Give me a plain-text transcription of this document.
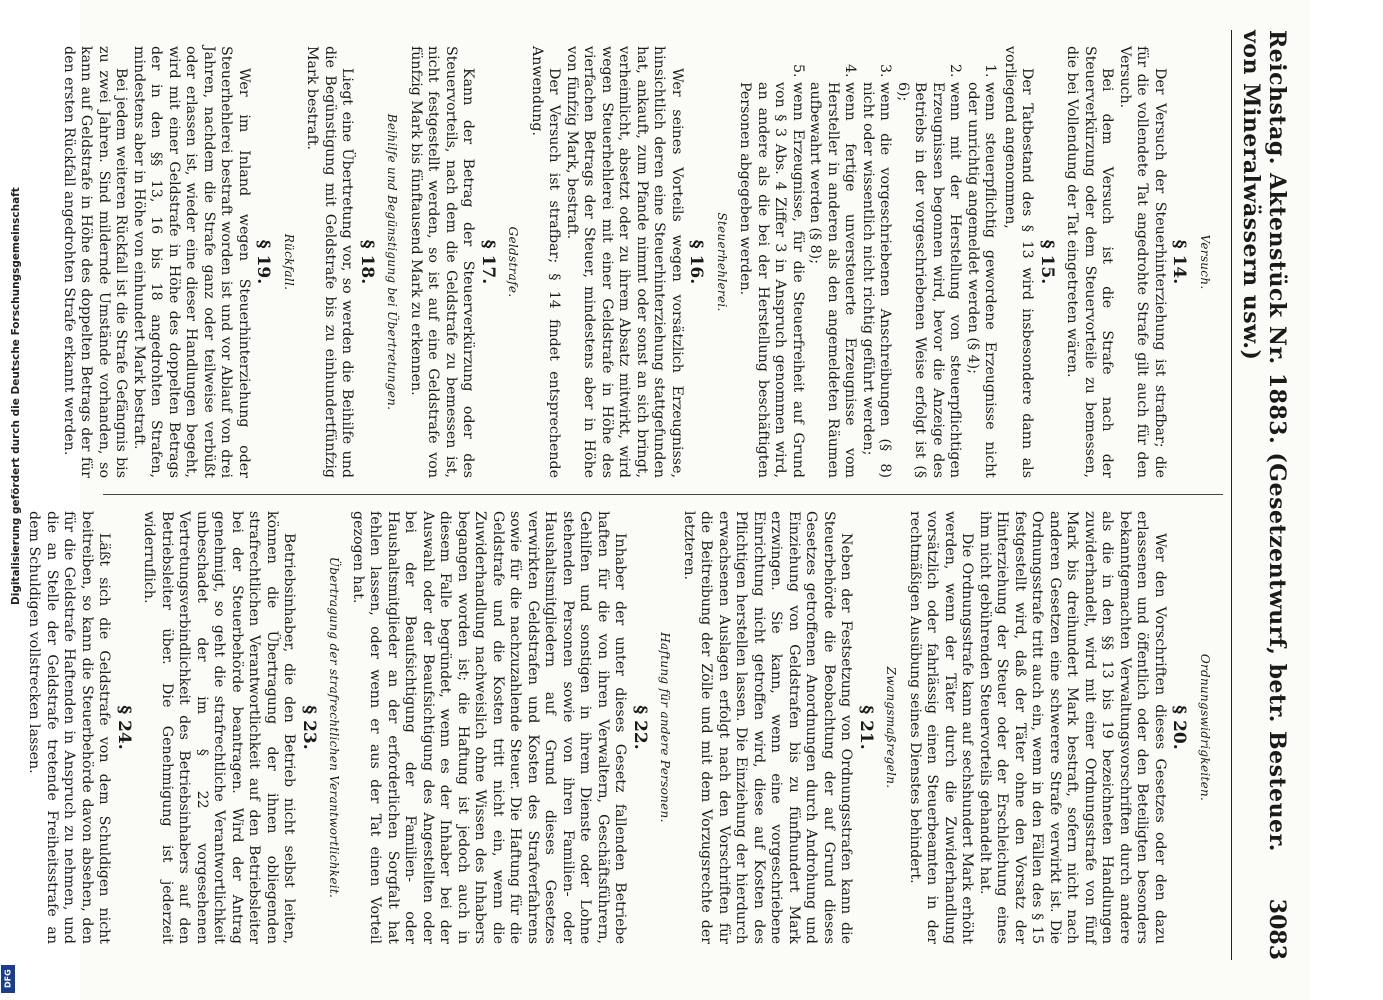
Reichstag. Aktenstück Nr. 1883. (Gesetzentwurf, betr. Besteuer. von Mineralwässern usw.)
3083
Versuch.
§ 14.

Der Versuch der Steuerhinterziehung ist strafbar; die für die vollendete Tat angedrohte Strafe gilt auch für den Versuch.

Bei dem Versuch ist die Strafe nach der Steuerverkürzung oder dem Steuervorteile zu bemessen, die bei Vollendung der Tat eingetreten wären.

§ 15.

Der Tatbestand des § 13 wird insbesondere dann als vorliegend angenommen,

1. wenn steuerpflichtig gewordene Erzeugnisse nicht oder unrichtig angemeldet werden (§ 4);
2. wenn mit der Herstellung von steuerpflichtigen Erzeugnissen begonnen wird, bevor die Anzeige des Betriebs in der vorgeschriebenen Weise erfolgt ist (§ 6);
3. wenn die vorgeschriebenen Anschreibungen (§ 8) nicht oder wissentlich nicht richtig geführt werden;
4. wenn fertige unversteuerte Erzeugnisse vom Hersteller in anderen als den angemeldeten Räumen aufbewahrt werden (§ 8);
5. wenn Erzeugnisse, für die Steuerfreiheit auf Grund von § 3 Abs. 4 Ziffer 3 in Anspruch genommen wird, an andere als die bei der Herstellung beschäftigten Personen abgegeben werden.
Steuerhehlerei.
§ 16.

Wer seines Vorteils wegen vorsätzlich Erzeugnisse, hinsichtlich deren eine Steuerhinterziehung stattgefunden hat, ankauft, zum Pfande nimmt oder sonst an sich bringt, verheimlicht, absetzt oder zu ihrem Absatz mitwirkt, wird wegen Steuerhehlerei mit einer Geldstrafe in Höhe des vierfachen Betrags der Steuer, mindestens aber in Höhe von fünfzig Mark, bestraft.

Der Versuch ist strafbar; § 14 findet entsprechende Anwendung.

Geldstrafe.
§ 17.

Kann der Betrag der Steuerverkürzung oder des Steuervorteils, nach dem die Geldstrafe zu bemessen ist, nicht festgestellt werden, so ist auf eine Geldstrafe von fünfzig Mark bis fünftausend Mark zu erkennen.

Beihilfe und Begünstigung bei Übertretungen.
§ 18.

Liegt eine Übertretung vor, so werden die Beihilfe und die Begünstigung mit Geldstrafe bis zu einhundertfünfzig Mark bestraft.

Rückfall.
§ 19.

Wer im Inland wegen Steuerhinterziehung oder Steuerhehlerei bestraft worden ist und vor Ablauf von drei Jahren, nachdem die Strafe ganz oder teilweise verbüßt oder erlassen ist, wieder eine dieser Handlungen begeht, wird mit einer Geldstrafe in Höhe des doppelten Betrags der in den §§ 13, 16 bis 18 angedrohten Strafen, mindestens aber in Höhe von einhundert Mark bestraft.

Bei jedem weiteren Rückfall ist die Strafe Gefängnis bis zu zwei Jahren. Sind mildernde Umstände vorhanden, so kann auf Geldstrafe in Höhe des doppelten Betrags der für den ersten Rückfall angedrohten Strafe erkannt werden.

Ordnungswidrigkeiten.
§ 20.

Wer den Vorschriften dieses Gesetzes oder den dazu erlassenen und öffentlich oder den Beteiligten besonders bekanntgemachten Verwaltungsvorschriften durch andere als die in den §§ 13 bis 19 bezeichneten Handlungen zuwiderhandelt, wird mit einer Ordnungsstrafe von fünf Mark bis dreihundert Mark bestraft, sofern nicht nach anderen Gesetzen eine schwerere Strafe verwirkt ist. Die Ordnungsstrafe tritt auch ein, wenn in den Fällen des § 15 festgestellt wird, daß der Täter ohne den Vorsatz der Hinterziehung der Steuer oder der Erschleichung eines ihm nicht gebührenden Steuervorteils gehandelt hat.

Die Ordnungsstrafe kann auf sechshundert Mark erhöht werden, wenn der Täter durch die Zuwiderhandlung vorsätzlich oder fahrlässig einen Steuerbeamten in der rechtmäßigen Ausübung seines Dienstes behindert.

Zwangsmaßregeln.
§ 21.

Neben der Festsetzung von Ordnungsstrafen kann die Steuerbehörde die Beobachtung der auf Grund dieses Gesetzes getroffenen Anordnungen durch Androhung und Einziehung von Geldstrafen bis zu fünfhundert Mark erzwingen. Sie kann, wenn eine vorgeschriebene Einrichtung nicht getroffen wird, diese auf Kosten des Pflichtigen herstellen lassen. Die Einziehung der hierdurch erwachsenen Auslagen erfolgt nach den Vorschriften für die Beitreibung der Zölle und mit dem Vorzugsrechte der letzteren.

Haftung für andere Personen.
§ 22.

Inhaber der unter dieses Gesetz fallenden Betriebe haften für die von ihren Verwaltern, Geschäftsführern, Gehilfen und sonstigen in ihrem Dienste oder Lohne stehenden Personen sowie von ihren Familien- oder Haushaltsmitgliedern auf Grund dieses Gesetzes verwirkten Geldstrafen und Kosten des Strafverfahrens sowie für die nachzuzahlende Steuer. Die Haftung für die Geldstrafe und die Kosten tritt nicht ein, wenn die Zuwiderhandlung nachweislich ohne Wissen des Inhabers begangen worden ist; die Haftung ist jedoch auch in diesem Falle begründet, wenn es der Inhaber bei der Auswahl oder der Beaufsichtigung des Angestellten oder bei der Beaufsichtigung der Familien- oder Haushaltsmitglieder an der erforderlichen Sorgfalt hat fehlen lassen, oder wenn er aus der Tat einen Vorteil gezogen hat.

Übertragung der strafrechtlichen Verantwortlichkeit.
§ 23.

Betriebsinhaber, die den Betrieb nicht selbst leiten, können die Übertragung der ihnen obliegenden strafrechtlichen Verantwortlichkeit auf den Betriebsleiter bei der Steuerbehörde beantragen. Wird der Antrag genehmigt, so geht die strafrechtliche Verantwortlichkeit unbeschadet der im § 22 vorgesehenen Vertretungsverbindlichkeit des Betriebsinhabers auf den Betriebsleiter über. Die Genehmigung ist jederzeit widerruflich.

§ 24.

Läßt sich die Geldstrafe von dem Schuldigen nicht beitreiben, so kann die Steuerbehörde davon absehen, den für die Geldstrafe Haftenden in Anspruch zu nehmen, und die an Stelle der Geldstrafe tretende Freiheitsstrafe an dem Schuldigen vollstrecken lassen.

Digitalisierung gefördert durch die Deutsche Forschungsgemeinschaft
DFG
